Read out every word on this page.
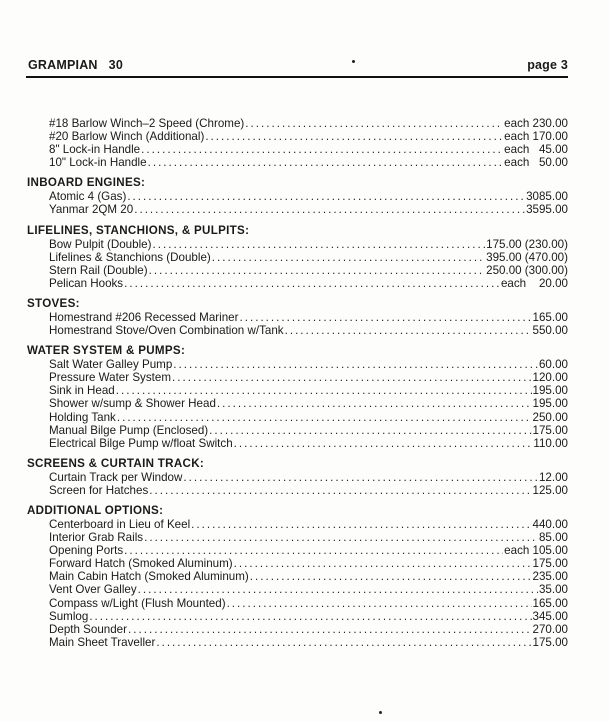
GRAMPIAN   30	page 3
#18 Barlow Winch–2 Speed (Chrome) . . .	each 230.00
#20 Barlow Winch (Additional) . . .	each 170.00
8" Lock-in Handle . . .	each   45.00
10" Lock-in Handle . . .	each   50.00
INBOARD ENGINES:
Atomic 4 (Gas) . . .	3085.00
Yanmar 2QM 20 . . .	3595.00
LIFELINES, STANCHIONS, & PULPITS:
Bow Pulpit (Double) . . .	175.00 (230.00)
Lifelines & Stanchions (Double) . . .	395.00 (470.00)
Stern Rail (Double) . . .	250.00 (300.00)
Pelican Hooks . . .	each    20.00
STOVES:
Homestrand #206 Recessed Mariner . . .	165.00
Homestrand Stove/Oven Combination w/Tank . . .	550.00
WATER SYSTEM & PUMPS:
Salt Water Galley Pump . . .	60.00
Pressure Water System . . .	120.00
Sink in Head . . .	195.00
Shower w/sump & Shower Head . . .	195.00
Holding Tank . . .	250.00
Manual Bilge Pump (Enclosed) . . .	175.00
Electrical Bilge Pump w/float Switch . . .	110.00
SCREENS & CURTAIN TRACK:
Curtain Track per Window . . .	12.00
Screen for Hatches . . .	125.00
ADDITIONAL OPTIONS:
Centerboard in Lieu of Keel . . .	440.00
Interior Grab Rails . . .	85.00
Opening Ports . . .	each 105.00
Forward Hatch (Smoked Aluminum) . . .	175.00
Main Cabin Hatch (Smoked Aluminum) . . .	235.00
Vent Over Galley . . .	35.00
Compass w/Light (Flush Mounted) . . .	165.00
Sumlog . . .	345.00
Depth Sounder . . .	270.00
Main Sheet Traveller . . .	175.00
